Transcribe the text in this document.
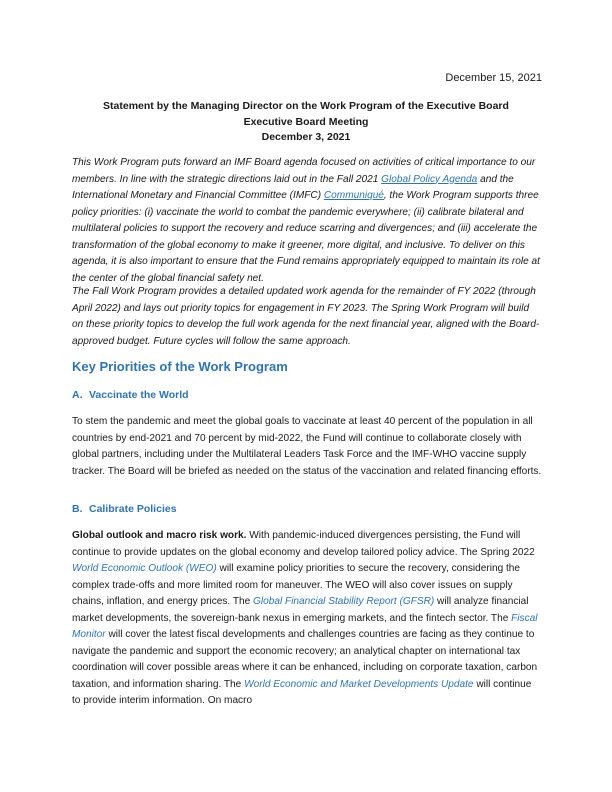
December 15, 2021
Statement by the Managing Director on the Work Program of the Executive Board
Executive Board Meeting
December 3, 2021

This Work Program puts forward an IMF Board agenda focused on activities of critical importance to our members. In line with the strategic directions laid out in the Fall 2021 Global Policy Agenda and the International Monetary and Financial Committee (IMFC) Communiqué, the Work Program supports three policy priorities: (i) vaccinate the world to combat the pandemic everywhere; (ii) calibrate bilateral and multilateral policies to support the recovery and reduce scarring and divergences; and (iii) accelerate the transformation of the global economy to make it greener, more digital, and inclusive. To deliver on this agenda, it is also important to ensure that the Fund remains appropriately equipped to maintain its role at the center of the global financial safety net.

The Fall Work Program provides a detailed updated work agenda for the remainder of FY 2022 (through April 2022) and lays out priority topics for engagement in FY 2023. The Spring Work Program will build on these priority topics to develop the full work agenda for the next financial year, aligned with the Board-approved budget. Future cycles will follow the same approach.

Key Priorities of the Work Program
A. Vaccinate the World

To stem the pandemic and meet the global goals to vaccinate at least 40 percent of the population in all countries by end-2021 and 70 percent by mid-2022, the Fund will continue to collaborate closely with global partners, including under the Multilateral Leaders Task Force and the IMF-WHO vaccine supply tracker. The Board will be briefed as needed on the status of the vaccination and related financing efforts.

B. Calibrate Policies

Global outlook and macro risk work. With pandemic-induced divergences persisting, the Fund will continue to provide updates on the global economy and develop tailored policy advice. The Spring 2022 World Economic Outlook (WEO) will examine policy priorities to secure the recovery, considering the complex trade-offs and more limited room for maneuver. The WEO will also cover issues on supply chains, inflation, and energy prices. The Global Financial Stability Report (GFSR) will analyze financial market developments, the sovereign-bank nexus in emerging markets, and the fintech sector. The Fiscal Monitor will cover the latest fiscal developments and challenges countries are facing as they continue to navigate the pandemic and support the economic recovery; an analytical chapter on international tax coordination will cover possible areas where it can be enhanced, including on corporate taxation, carbon taxation, and information sharing. The World Economic and Market Developments Update will continue to provide interim information. On macro
